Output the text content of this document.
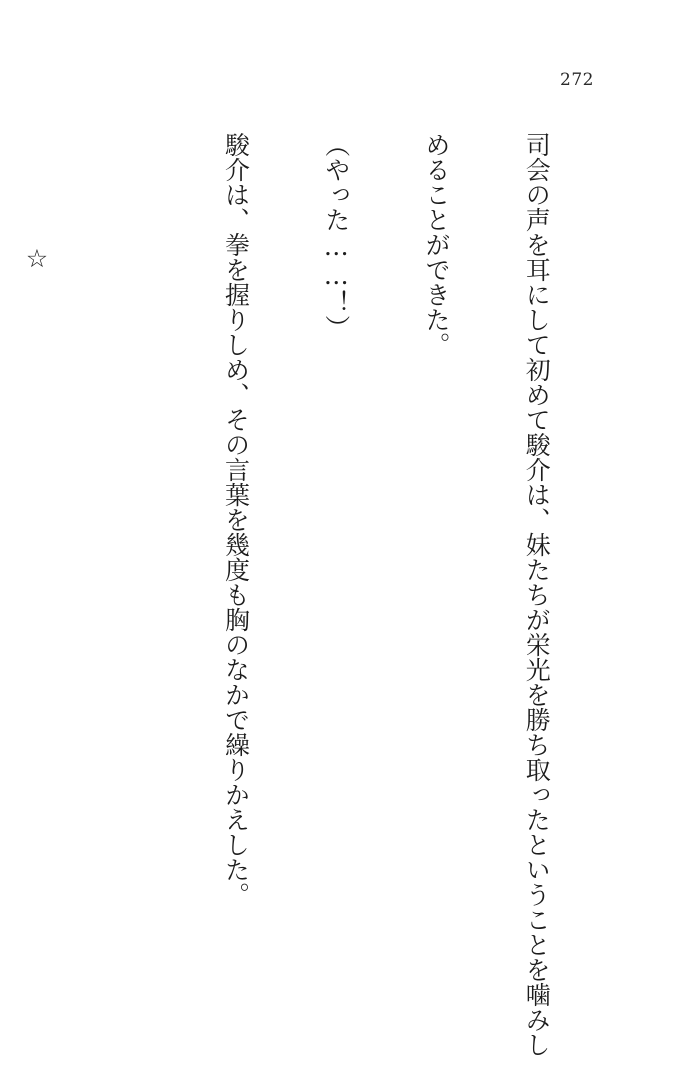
272

司会の声を耳にして初めて駿介は、妹たちが栄光を勝ち取ったということを噛みし

めることができた。

（やった……！）

駿介は、拳を握りしめ、その言葉を幾度も胸のなかで繰りかえした。

☆
